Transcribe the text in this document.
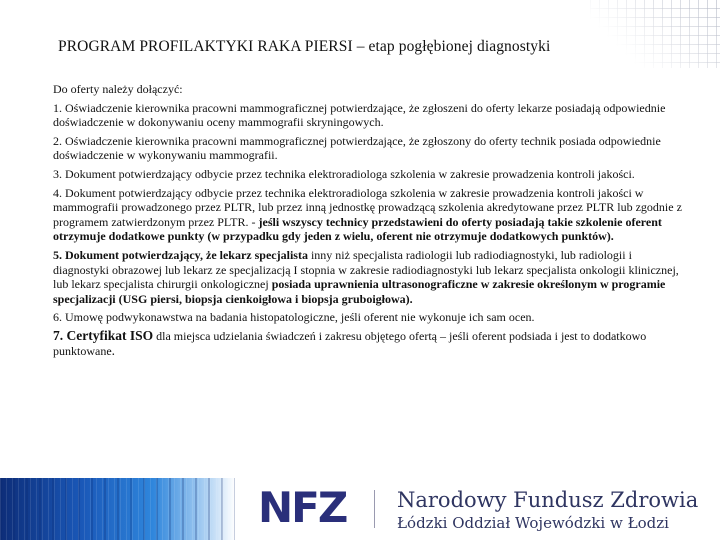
PROGRAM PROFILAKTYKI RAKA PIERSI – etap pogłębionej diagnostyki

Do oferty należy dołączyć:

1. Oświadczenie kierownika pracowni mammograficznej potwierdzające, że zgłoszeni do oferty lekarze posiadają odpowiednie doświadczenie w dokonywaniu oceny mammografii skryningowych.

2. Oświadczenie kierownika pracowni mammograficznej potwierdzające, że zgłoszony do oferty technik posiada odpowiednie doświadczenie w wykonywaniu mammografii.

3. Dokument potwierdzający odbycie przez technika elektroradiologa szkolenia w zakresie prowadzenia kontroli jakości.

4. Dokument potwierdzający odbycie przez technika elektroradiologa szkolenia w zakresie prowadzenia kontroli jakości w mammografii prowadzonego przez PLTR, lub przez inną jednostkę prowadzącą szkolenia akredytowane przez PLTR lub zgodnie z programem zatwierdzonym przez PLTR. - jeśli wszyscy technicy przedstawieni do oferty posiadają takie szkolenie oferent otrzymuje dodatkowe punkty (w przypadku gdy jeden z wielu, oferent nie otrzymuje dodatkowych punktów).

5. Dokument potwierdzający, że lekarz specjalista inny niż specjalista radiologii lub radiodiagnostyki, lub radiologii i diagnostyki obrazowej lub lekarz ze specjalizacją I stopnia w zakresie radiodiagnostyki lub lekarz specjalista onkologii klinicznej, lub lekarz specjalista chirurgii onkologicznej posiada uprawnienia ultrasonograficzne w zakresie określonym w programie specjalizacji (USG piersi, biopsja cienkoigłowa i biopsja gruboigłowa).

6. Umowę podwykonawstwa na badania histopatologiczne, jeśli oferent nie wykonuje ich sam ocen.

7. Certyfikat ISO dla miejsca udzielania świadczeń i zakresu objętego ofertą – jeśli oferent podsiada i jest to dodatkowo punktowane.

NFZ Narodowy Fundusz Zdrowia
Łódzki Oddział Wojewódzki w Łodzi
